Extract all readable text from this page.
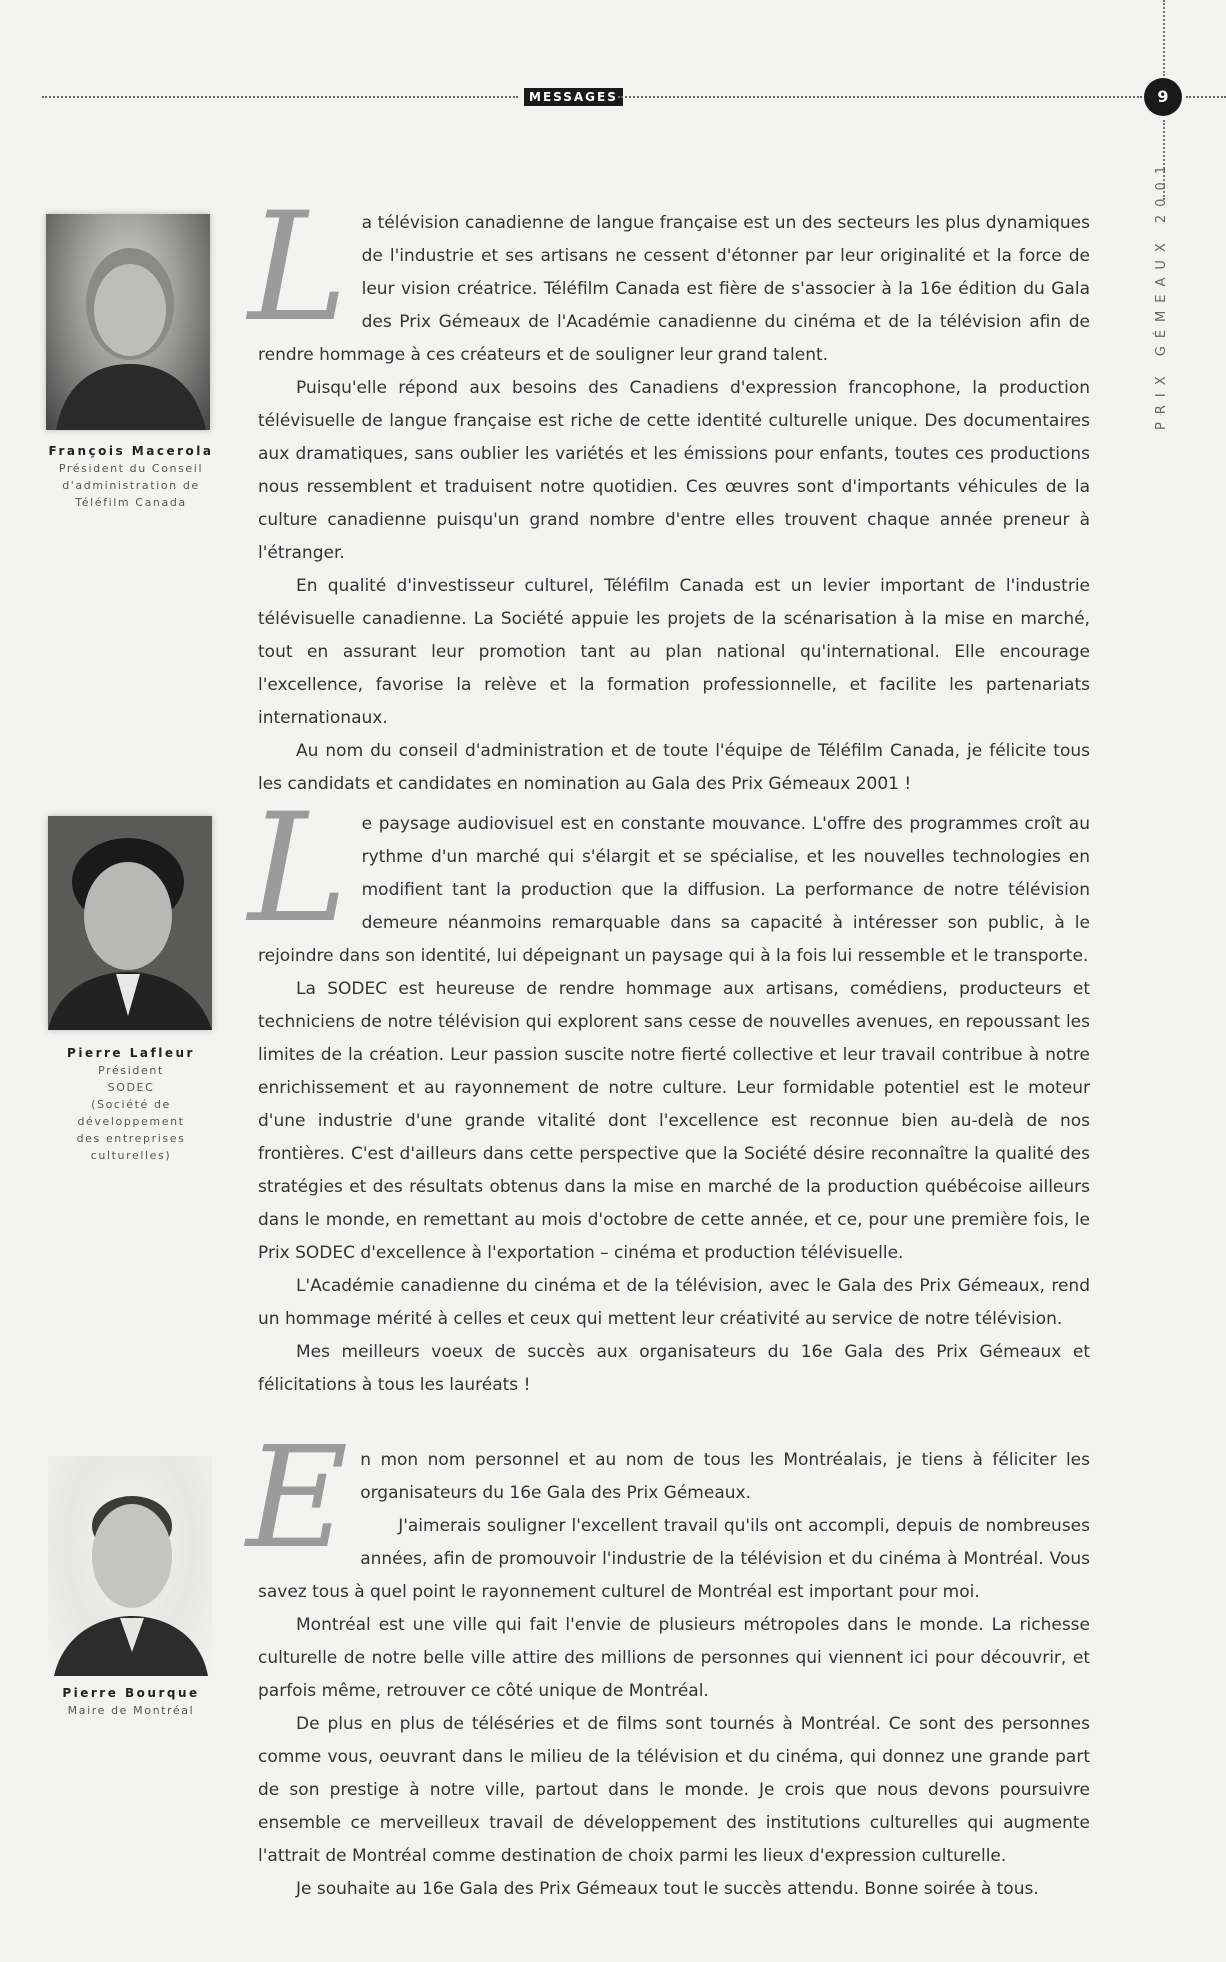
MESSAGES	9
PRIX GÉMEAUX 2001
François Macerola
Président du Conseil
d'administration de
Téléfilm Canada
L a télévision canadienne de langue française est un des secteurs les plus dynamiques de l'industrie et ses artisans ne cessent d'étonner par leur originalité et la force de leur vision créatrice. Téléfilm Canada est fière de s'associer à la 16e édition du Gala des Prix Gémeaux de l'Académie canadienne du cinéma et de la télévision afin de rendre hommage à ces créateurs et de souligner leur grand talent.

Puisqu'elle répond aux besoins des Canadiens d'expression francophone, la production télévisuelle de langue française est riche de cette identité culturelle unique. Des documentaires aux dramatiques, sans oublier les variétés et les émissions pour enfants, toutes ces productions nous ressemblent et traduisent notre quotidien. Ces œuvres sont d'importants véhicules de la culture canadienne puisqu'un grand nombre d'entre elles trouvent chaque année preneur à l'étranger.

En qualité d'investisseur culturel, Téléfilm Canada est un levier important de l'industrie télévisuelle canadienne. La Société appuie les projets de la scénarisation à la mise en marché, tout en assurant leur promotion tant au plan national qu'international. Elle encourage l'excellence, favorise la relève et la formation professionnelle, et facilite les partenariats internationaux.

Au nom du conseil d'administration et de toute l'équipe de Téléfilm Canada, je félicite tous les candidats et candidates en nomination au Gala des Prix Gémeaux 2001 !

Pierre Lafleur
Président
SODEC
(Société de
développement
des entreprises
culturelles)
L e paysage audiovisuel est en constante mouvance. L'offre des programmes croît au rythme d'un marché qui s'élargit et se spécialise, et les nouvelles technologies en modifient tant la production que la diffusion. La performance de notre télévision demeure néanmoins remarquable dans sa capacité à intéresser son public, à le rejoindre dans son identité, lui dépeignant un paysage qui à la fois lui ressemble et le transporte.

La SODEC est heureuse de rendre hommage aux artisans, comédiens, producteurs et techniciens de notre télévision qui explorent sans cesse de nouvelles avenues, en repoussant les limites de la création. Leur passion suscite notre fierté collective et leur travail contribue à notre enrichissement et au rayonnement de notre culture. Leur formidable potentiel est le moteur d'une industrie d'une grande vitalité dont l'excellence est reconnue bien au-delà de nos frontières. C'est d'ailleurs dans cette perspective que la Société désire reconnaître la qualité des stratégies et des résultats obtenus dans la mise en marché de la production québécoise ailleurs dans le monde, en remettant au mois d'octobre de cette année, et ce, pour une première fois, le Prix SODEC d'excellence à l'exportation – cinéma et production télévisuelle.

L'Académie canadienne du cinéma et de la télévision, avec le Gala des Prix Gémeaux, rend un hommage mérité à celles et ceux qui mettent leur créativité au service de notre télévision.

Mes meilleurs voeux de succès aux organisateurs du 16e Gala des Prix Gémeaux et félicitations à tous les lauréats !

Pierre Bourque
Maire de Montréal
E n mon nom personnel et au nom de tous les Montréalais, je tiens à féliciter les organisateurs du 16e Gala des Prix Gémeaux.

J'aimerais souligner l'excellent travail qu'ils ont accompli, depuis de nombreuses années, afin de promouvoir l'industrie de la télévision et du cinéma à Montréal. Vous savez tous à quel point le rayonnement culturel de Montréal est important pour moi.

Montréal est une ville qui fait l'envie de plusieurs métropoles dans le monde. La richesse culturelle de notre belle ville attire des millions de personnes qui viennent ici pour découvrir, et parfois même, retrouver ce côté unique de Montréal.

De plus en plus de téléséries et de films sont tournés à Montréal. Ce sont des personnes comme vous, oeuvrant dans le milieu de la télévision et du cinéma, qui donnez une grande part de son prestige à notre ville, partout dans le monde. Je crois que nous devons poursuivre ensemble ce merveilleux travail de développement des institutions culturelles qui augmente l'attrait de Montréal comme destination de choix parmi les lieux d'expression culturelle.

Je souhaite au 16e Gala des Prix Gémeaux tout le succès attendu. Bonne soirée à tous.
